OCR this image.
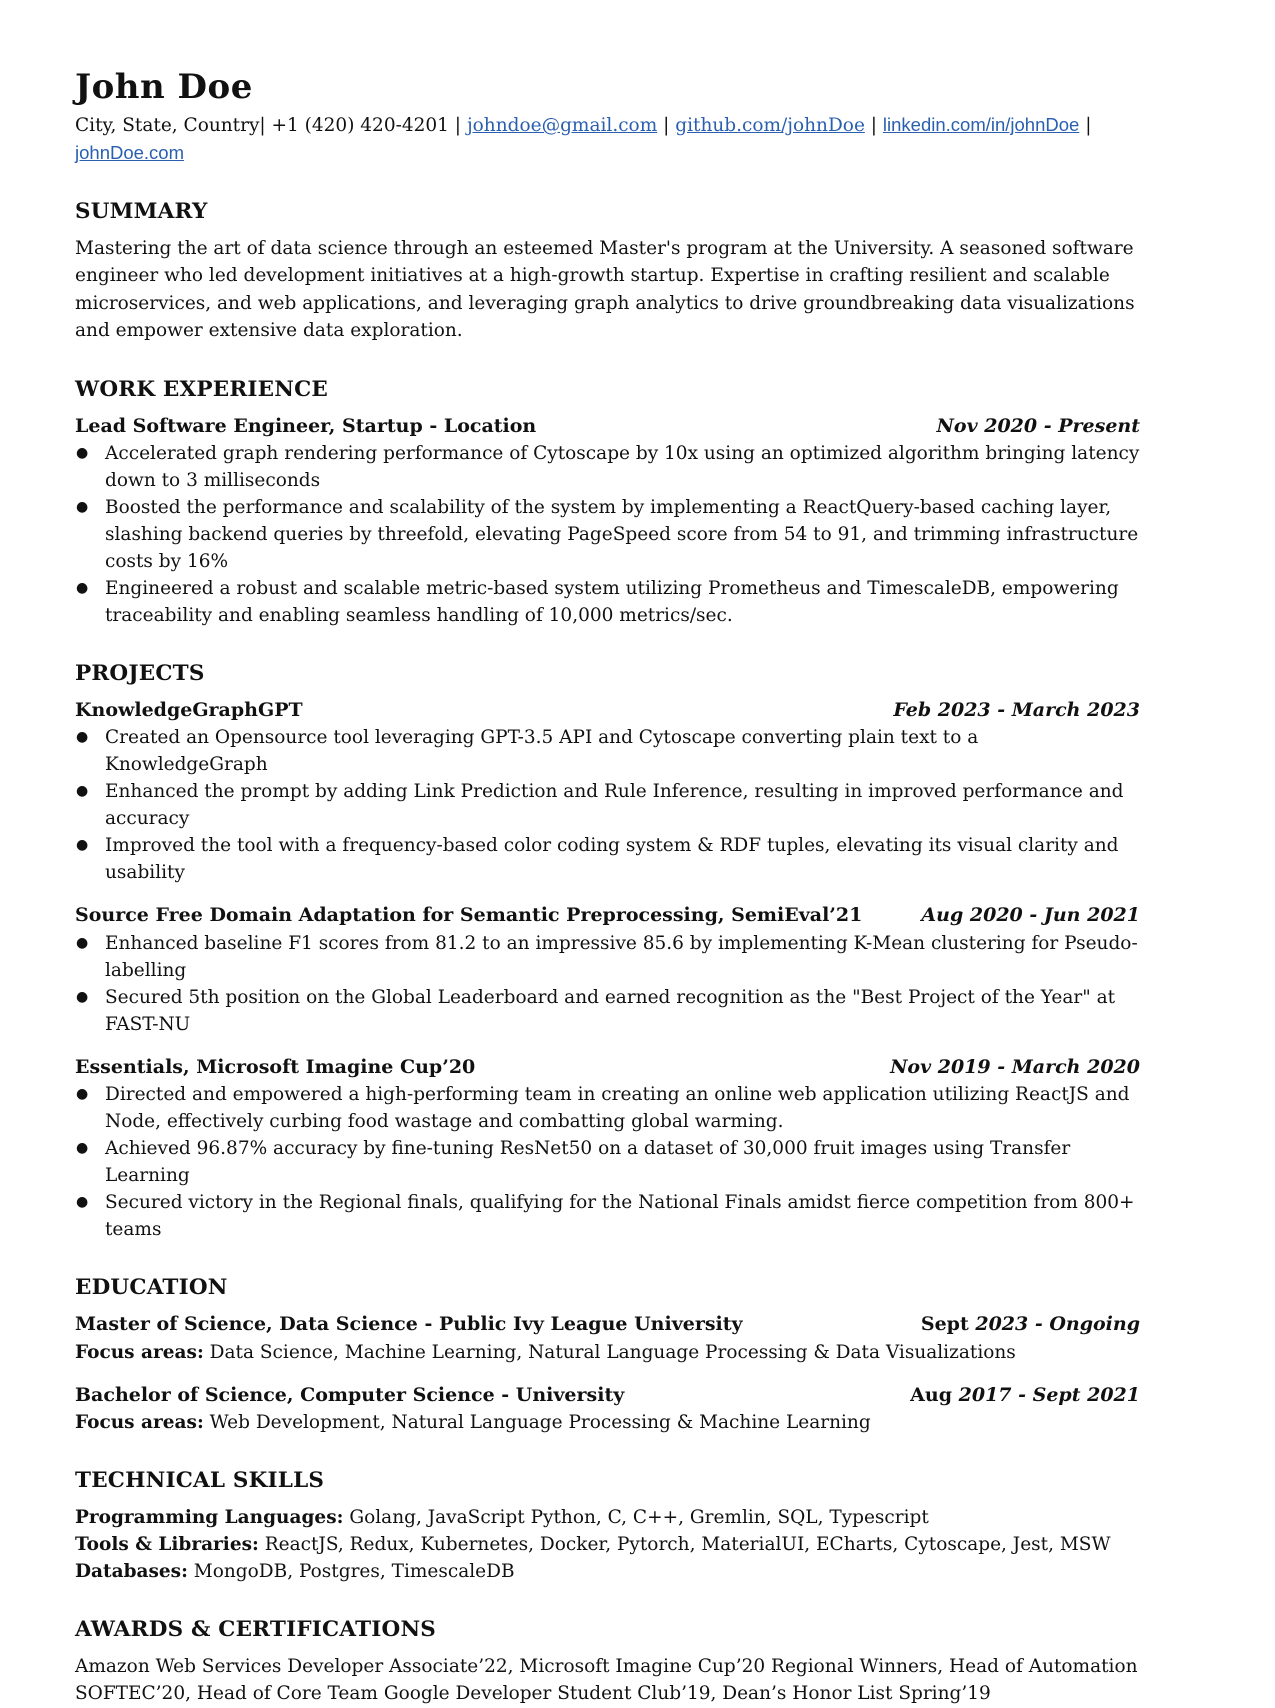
John Doe
City, State, Country| +1 (420) 420-4201 | johndoe@gmail.com | github.com/johnDoe | linkedin.com/in/johnDoe |
johnDoe.com
SUMMARY

Mastering the art of data science through an esteemed Master's program at the University. A seasoned software engineer who led development initiatives at a high-growth startup. Expertise in crafting resilient and scalable microservices, and web applications, and leveraging graph analytics to drive groundbreaking data visualizations and empower extensive data exploration.

WORK EXPERIENCE
Lead Software Engineer, Startup - Location	Nov 2020 - Present
● Accelerated graph rendering performance of Cytoscape by 10x using an optimized algorithm bringing latency down to 3 milliseconds
● Boosted the performance and scalability of the system by implementing a ReactQuery-based caching layer, slashing backend queries by threefold, elevating PageSpeed score from 54 to 91, and trimming infrastructure costs by 16%
● Engineered a robust and scalable metric-based system utilizing Prometheus and TimescaleDB, empowering traceability and enabling seamless handling of 10,000 metrics/sec.
PROJECTS
KnowledgeGraphGPT	Feb 2023 - March 2023
● Created an Opensource tool leveraging GPT-3.5 API and Cytoscape converting plain text to a KnowledgeGraph
● Enhanced the prompt by adding Link Prediction and Rule Inference, resulting in improved performance and accuracy
● Improved the tool with a frequency-based color coding system & RDF tuples, elevating its visual clarity and usability
Source Free Domain Adaptation for Semantic Preprocessing, SemiEval’21	Aug 2020 - Jun 2021
● Enhanced baseline F1 scores from 81.2 to an impressive 85.6 by implementing K-Mean clustering for Pseudo-labelling
● Secured 5th position on the Global Leaderboard and earned recognition as the "Best Project of the Year" at FAST-NU
Essentials, Microsoft Imagine Cup’20	Nov 2019 - March 2020
● Directed and empowered a high-performing team in creating an online web application utilizing ReactJS and Node, effectively curbing food wastage and combatting global warming.
● Achieved 96.87% accuracy by fine-tuning ResNet50 on a dataset of 30,000 fruit images using Transfer Learning
● Secured victory in the Regional finals, qualifying for the National Finals amidst fierce competition from 800+ teams
EDUCATION
Master of Science, Data Science - Public Ivy League University	Sept 2023 - Ongoing
Focus areas: Data Science, Machine Learning, Natural Language Processing & Data Visualizations
Bachelor of Science, Computer Science - University	Aug 2017 - Sept 2021
Focus areas: Web Development, Natural Language Processing & Machine Learning
TECHNICAL SKILLS
Programming Languages: Golang, JavaScript Python, C, C++, Gremlin, SQL, Typescript
Tools & Libraries: ReactJS, Redux, Kubernetes, Docker, Pytorch, MaterialUI, ECharts, Cytoscape, Jest, MSW
Databases: MongoDB, Postgres, TimescaleDB
AWARDS & CERTIFICATIONS

Amazon Web Services Developer Associate’22, Microsoft Imagine Cup’20 Regional Winners, Head of Automation SOFTEC’20, Head of Core Team Google Developer Student Club’19, Dean’s Honor List Spring’19
